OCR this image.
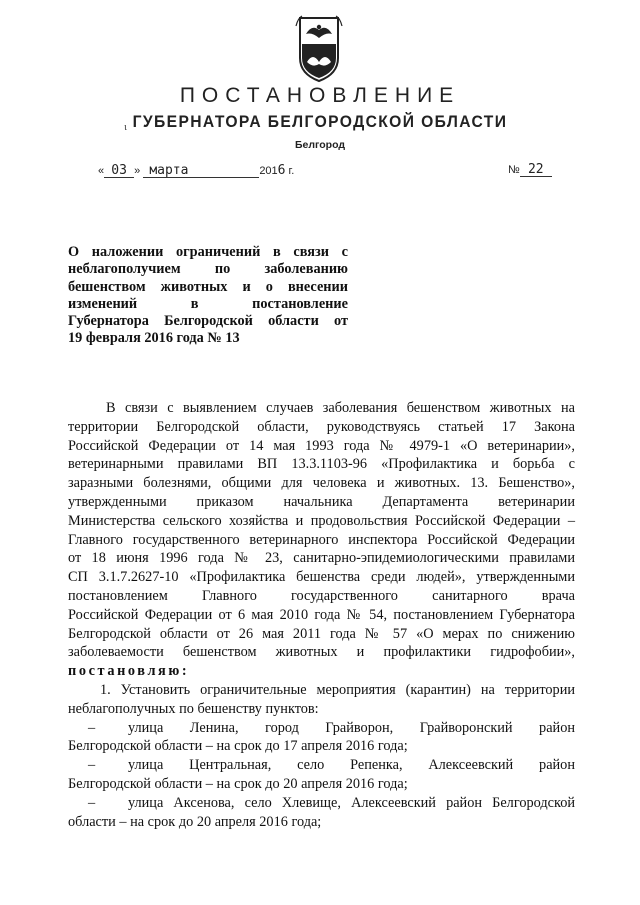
ПОСТАНОВЛЕНИЕ
ГУБЕРНАТОРА БЕЛГОРОДСКОЙ ОБЛАСТИ
Белгород
ι
« 03 » марта	2016 г.	№ 22
О наложении ограничений в связи с
неблагополучием по заболеванию
бешенством животных и о внесении
изменений в постановление
Губернатора Белгородской области от
19 февраля 2016 года № 13
В связи с выявлением случаев заболевания бешенством животных на
территории Белгородской области, руководствуясь статьей 17 Закона
Российской Федерации от 14 мая 1993 года № 4979-1 «О ветеринарии»,
ветеринарными правилами ВП 13.3.1103-96 «Профилактика и борьба с
заразными болезнями, общими для человека и животных. 13. Бешенство»,
утвержденными приказом начальника Департамента ветеринарии
Министерства сельского хозяйства и продовольствия Российской Федерации –
Главного государственного ветеринарного инспектора Российской Федерации
от 18 июня 1996 года № 23, санитарно-эпидемиологическими правилами
СП 3.1.7.2627-10 «Профилактика бешенства среди людей», утвержденными
постановлением Главного государственного санитарного врача
Российской Федерации от 6 мая 2010 года № 54, постановлением Губернатора
Белгородской области от 26 мая 2011 года № 57 «О мерах по снижению
заболеваемости бешенством животных и профилактики гидрофобии»,
постановляю:
1. Установить ограничительные мероприятия (карантин) на территории
неблагополучных по бешенству пунктов:
– улица Ленина, город Грайворон, Грайворонский район
Белгородской области – на срок до 17 апреля 2016 года;
– улица Центральная, село Репенка, Алексеевский район
Белгородской области – на срок до 20 апреля 2016 года;
– улица Аксенова, село Хлевище, Алексеевский район Белгородской
области – на срок до 20 апреля 2016 года;
